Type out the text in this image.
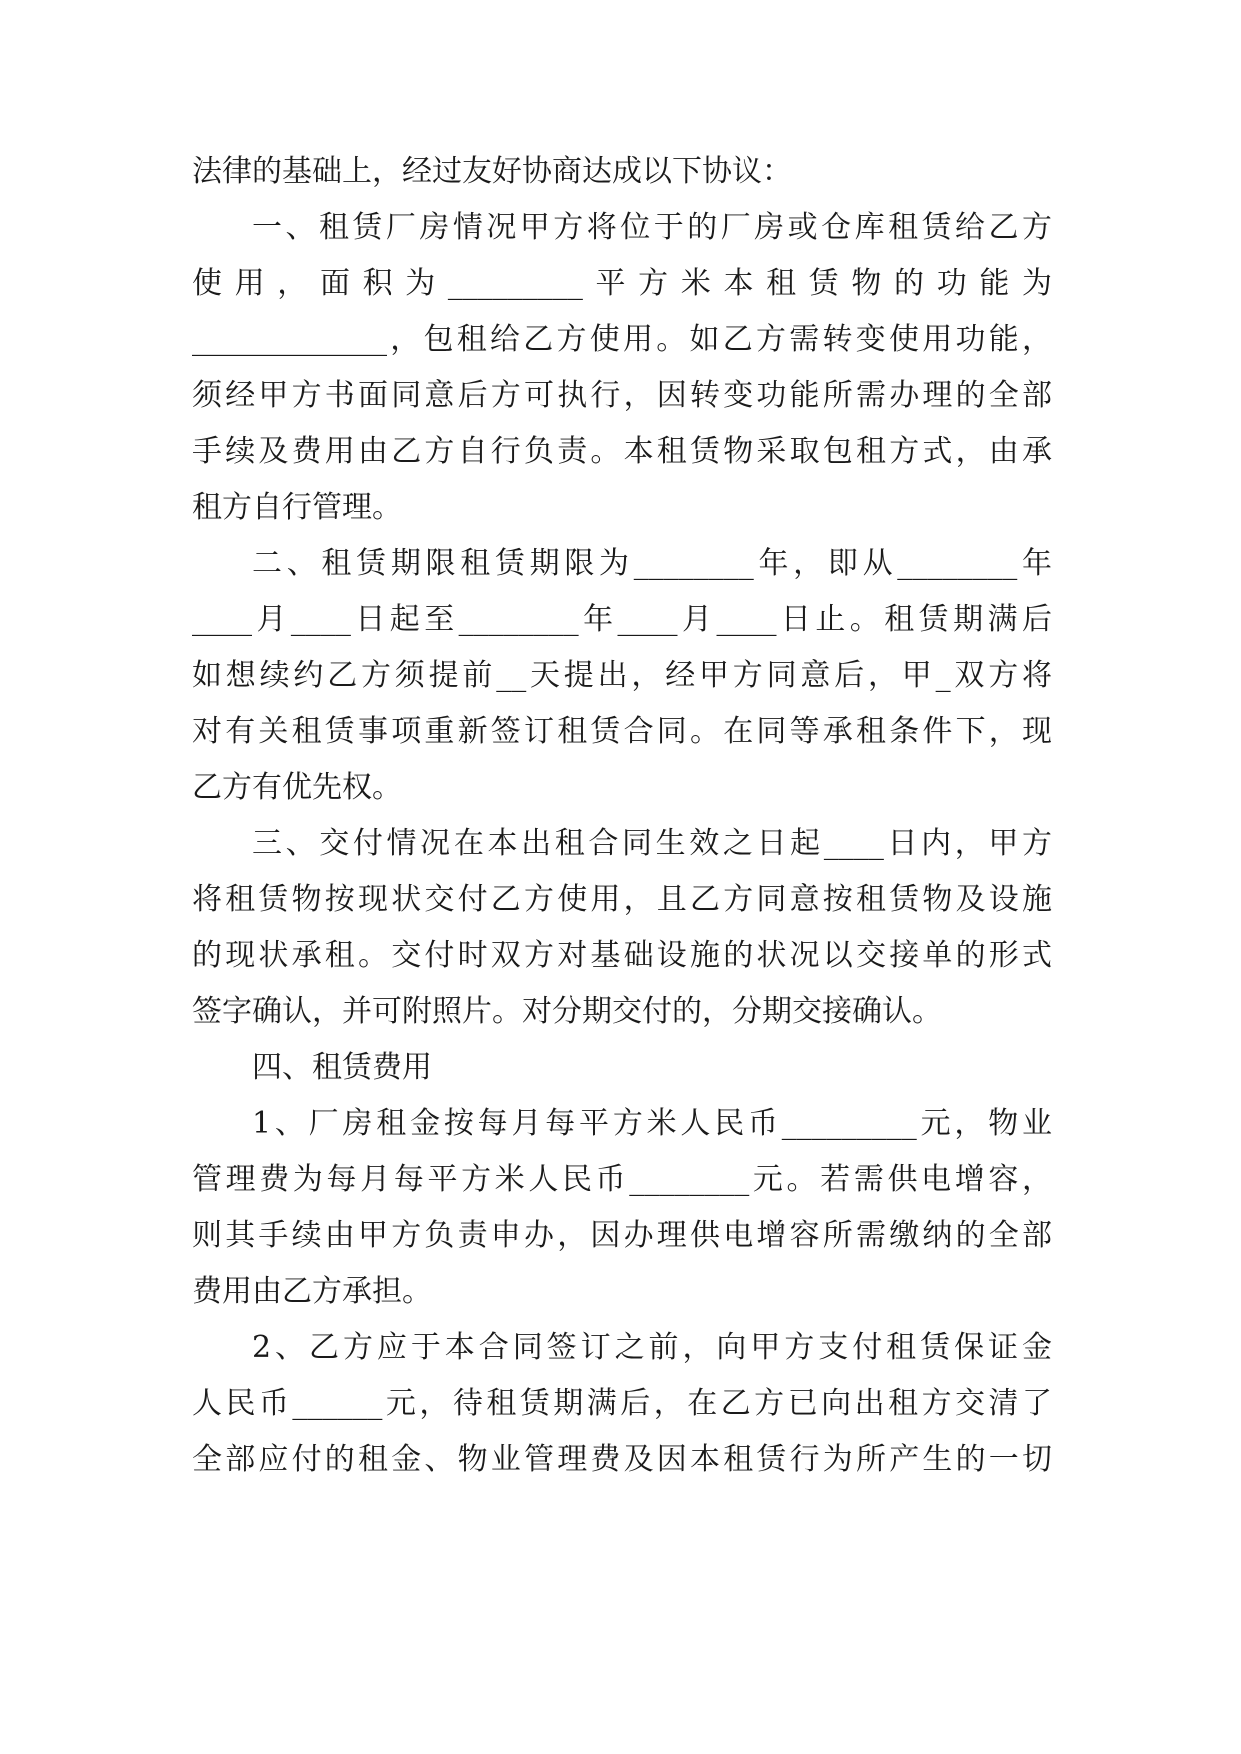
法律的基础上，经过友好协商达成以下协议：
一、租赁厂房情况甲方将位于的厂房或仓库租赁给乙方
使用，面积为_________平方米本租赁物的功能为
_____________，包租给乙方使用。如乙方需转变使用功能，
须经甲方书面同意后方可执行，因转变功能所需办理的全部
手续及费用由乙方自行负责。本租赁物采取包租方式，由承
租方自行管理。
二、租赁期限租赁期限为________年，即从________年
____月____日起至________年____月____日止。租赁期满后
如想续约乙方须提前__天提出，经甲方同意后，甲_双方将
对有关租赁事项重新签订租赁合同。在同等承租条件下，现
乙方有优先权。
三、交付情况在本出租合同生效之日起____日内，甲方
将租赁物按现状交付乙方使用，且乙方同意按租赁物及设施
的现状承租。交付时双方对基础设施的状况以交接单的形式
签字确认，并可附照片。对分期交付的，分期交接确认。
四、租赁费用
1、厂房租金按每月每平方米人民币_________元，物业
管理费为每月每平方米人民币________元。若需供电增容，
则其手续由甲方负责申办，因办理供电增容所需缴纳的全部
费用由乙方承担。
2、乙方应于本合同签订之前，向甲方支付租赁保证金
人民币______元，待租赁期满后，在乙方已向出租方交清了
全部应付的租金、物业管理费及因本租赁行为所产生的一切
